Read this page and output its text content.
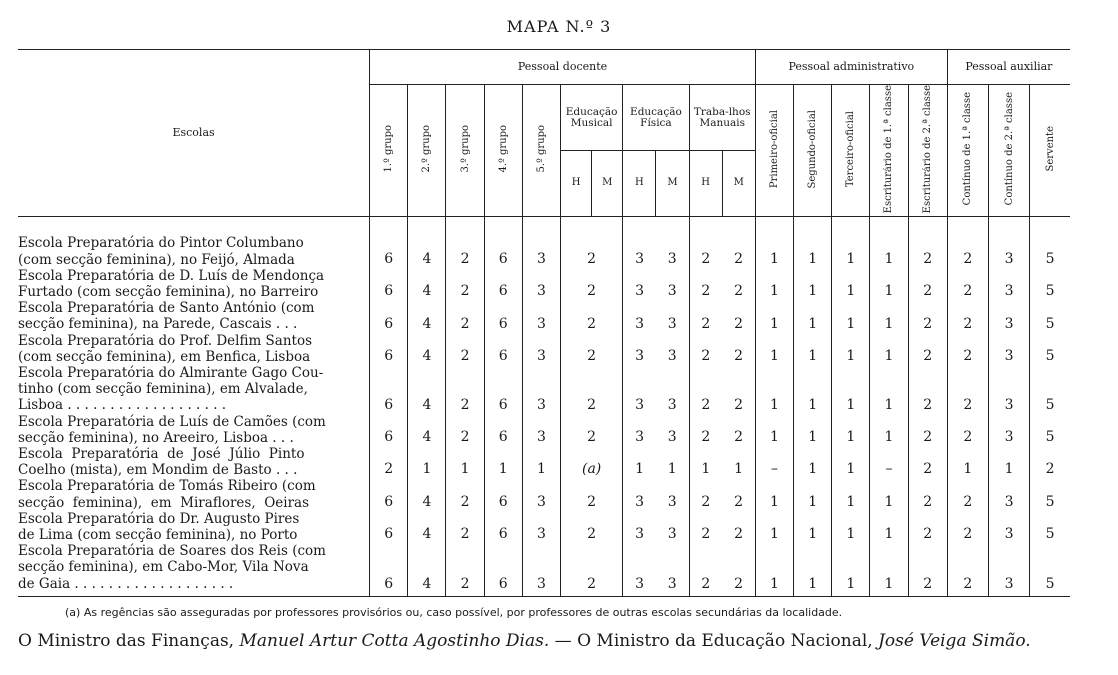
MAPA N.º 3
Escolas	Pessoal docente											Pessoal administrativo					Pessoal auxiliar		
	1.º grupo	2.º grupo	3.º grupo	4.º grupo	5.º grupo	Educação Musical		Educação Física		Traba-lhos Manuais		Primeiro-oficial	Segundo-oficial	Terceiro-oficial	Escriturário de 1.ª classe	Escriturário de 2.ª classe	Contínuo de 1.ª classe	Contínuo de 2.ª classe	Servente
						H	M	H	M	H	M								

Escola Preparatória do Pintor Columbano
(com secção feminina), no Feijó, Almada	6	4	2	6	3	2		3	3	2	2	1	1	1	1	2	2	3	5

Escola Preparatória de D. Luís de Mendonça
Furtado (com secção feminina), no Barreiro	6	4	2	6	3	2		3	3	2	2	1	1	1	1	2	2	3	5

Escola Preparatória de Santo António (com
secção feminina), na Parede, Cascais . . .	6	4	2	6	3	2		3	3	2	2	1	1	1	1	2	2	3	5

Escola Preparatória do Prof. Delfim Santos
(com secção feminina), em Benfica, Lisboa	6	4	2	6	3	2		3	3	2	2	1	1	1	1	2	2	3	5

Escola Preparatória do Almirante Gago Cou-
tinho (com secção feminina), em Alvalade,
Lisboa . . . . . . . . . . . . . . . . . . .	6	4	2	6	3	2		3	3	2	2	1	1	1	1	2	2	3	5

Escola Preparatória de Luís de Camões (com
secção feminina), no Areeiro, Lisboa . . .	6	4	2	6	3	2		3	3	2	2	1	1	1	1	2	2	3	5

Escola  Preparatória  de  José  Júlio  Pinto
Coelho (mista), em Mondim de Basto . . .	2	1	1	1	1	(a)		1	1	1	1	–	1	1	–	2	1	1	2

Escola Preparatória de Tomás Ribeiro (com
secção  feminina),  em  Miraflores,  Oeiras	6	4	2	6	3	2		3	3	2	2	1	1	1	1	2	2	3	5

Escola Preparatória do Dr. Augusto Pires
de Lima (com secção feminina), no Porto	6	4	2	6	3	2		3	3	2	2	1	1	1	1	2	2	3	5

Escola Preparatória de Soares dos Reis (com
secção feminina), em Cabo-Mor, Vila Nova
de Gaia . . . . . . . . . . . . . . . . . . .	6	4	2	6	3	2		3	3	2	2	1	1	1	1	2	2	3	5
(a) As regências são asseguradas por professores provisórios ou, caso possível, por professores de outras escolas secundárias da localidade.
O Ministro das Finanças, Manuel Artur Cotta Agostinho Dias. — O Ministro da Educação Nacional, José Veiga Simão.
